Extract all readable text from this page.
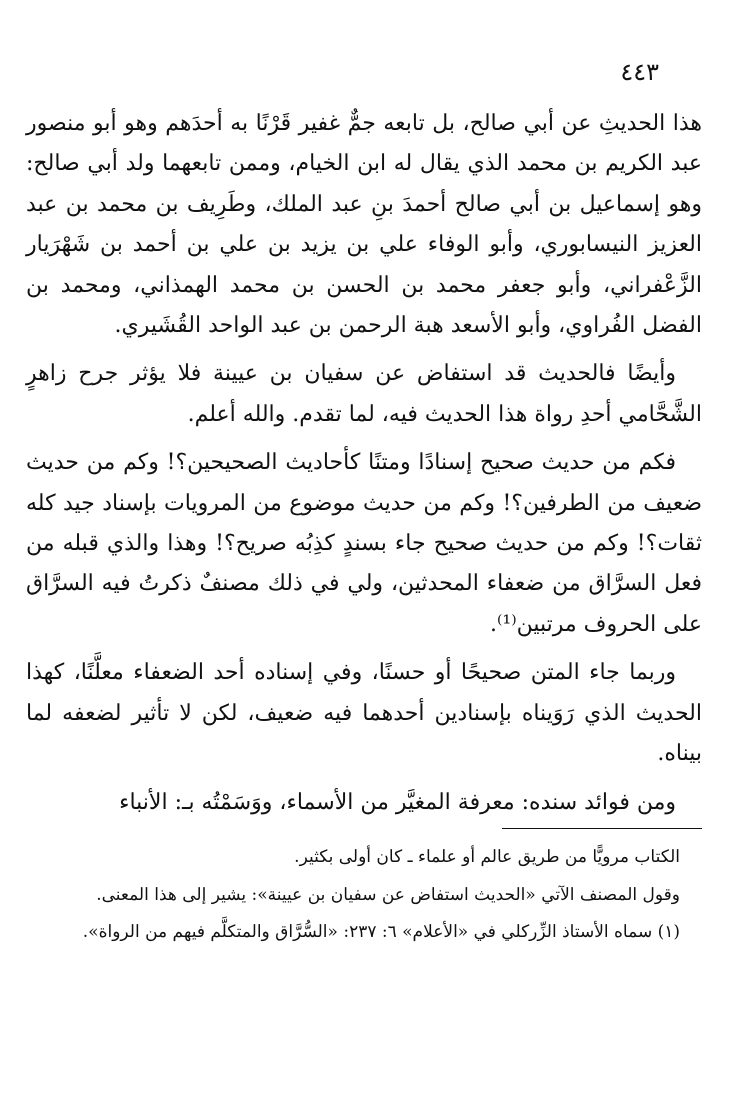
٤٤٣

هذا الحديثِ عن أبي صالح، بل تابعه جمٌّ غفير قَرْنًا به أحدَهم وهو أبو منصور عبد الكريم بن محمد الذي يقال له ابن الخيام، وممن تابعهما ولد أبي صالح: وهو إسماعيل بن أبي صالح أحمدَ بنِ عبد الملك، وطَرِيف بن محمد بن عبد العزيز النيسابوري، وأبو الوفاء علي بن يزيد بن علي بن أحمد بن شَهْرَيار الزَّعْفراني، وأبو جعفر محمد بن الحسن بن محمد الهمذاني، ومحمد بن الفضل الفُراوي، وأبو الأسعد هبة الرحمن بن عبد الواحد القُشَيري.

وأيضًا فالحديث قد استفاض عن سفيان بن عيينة فلا يؤثر جرح زاهرٍ الشَّحَّامي أحدِ رواة هذا الحديث فيه، لما تقدم. والله أعلم.

فكم من حديث صحيح إسنادًا ومتنًا كأحاديث الصحيحين؟! وكم من حديث ضعيف من الطرفين؟! وكم من حديث موضوع من المرويات بإسناد جيد كله ثقات؟! وكم من حديث صحيح جاء بسندٍ كذِبُه صريح؟! وهذا والذي قبله من فعل السرَّاق من ضعفاء المحدثين، ولي في ذلك مصنفٌ ذكرتُ فيه السرَّاق على الحروف مرتبين⁽¹⁾.

وربما جاء المتن صحيحًا أو حسنًا، وفي إسناده أحد الضعفاء معلَّنًا، كهذا الحديث الذي رَوَيناه بإسنادين أحدهما فيه ضعيف، لكن لا تأثير لضعفه لما بيناه.

ومن فوائد سنده: معرفة المغيَّر من الأسماء، ووَسَمْتُه بـ: الأنباء

الكتاب مرويًّا من طريق عالم أو علماء ـ كان أولى بكثير.

وقول المصنف الآتي «الحديث استفاض عن سفيان بن عيينة»: يشير إلى هذا المعنى.

(١) سماه الأستاذ الزِّركلي في «الأعلام» ٦: ٢٣٧: «السُّرَّاق والمتكلَّم فيهم من الرواة».
